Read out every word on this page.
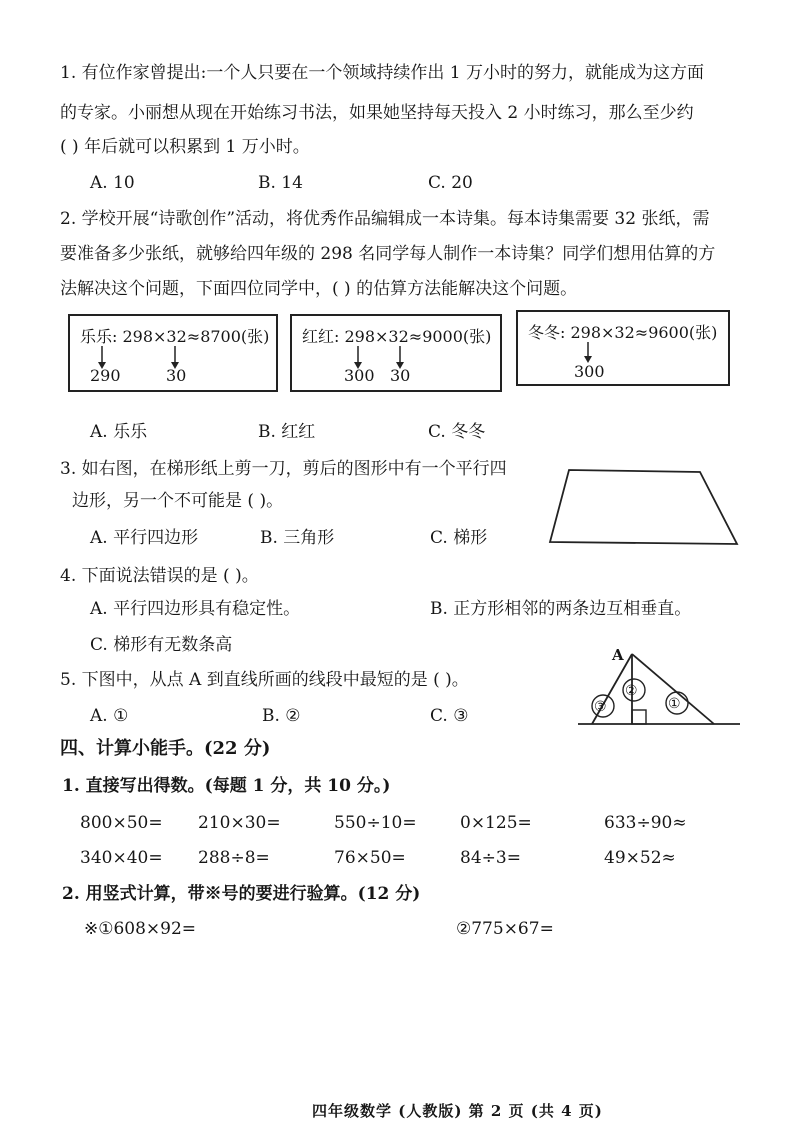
1. 有位作家曾提出:一个人只要在一个领域持续作出 1 万小时的努力，就能成为这方面
的专家。小丽想从现在开始练习书法，如果她坚持每天投入 2 小时练习，那么至少约
( ) 年后就可以积累到 1 万小时。
A. 10	B. 14	C. 20
2. 学校开展“诗歌创作”活动，将优秀作品编辑成一本诗集。每本诗集需要 32 张纸，需
要准备多少张纸，就够给四年级的 298 名同学每人制作一本诗集？同学们想用估算的方
法解决这个问题，下面四位同学中，( ) 的估算方法能解决这个问题。
乐乐: 298×32≈8700(张)
290	30
红红: 298×32≈9000(张)
300 30
冬冬: 298×32≈9600(张)
300
A. 乐乐	B. 红红	C. 冬冬
3. 如右图，在梯形纸上剪一刀，剪后的图形中有一个平行四
边形，另一个不可能是 ( )。
A. 平行四边形	B. 三角形	C. 梯形
4. 下面说法错误的是 ( )。
A. 平行四边形具有稳定性。	B. 正方形相邻的两条边互相垂直。
C. 梯形有无数条高
5. 下图中，从点 A 到直线所画的线段中最短的是 ( )。
A. ①	B. ②	C. ③
A
③
②
①
四、计算小能手。(22 分)
1. 直接写出得数。(每题 1 分，共 10 分。)
800×50= 210×30=	550÷10=	0×125=	633÷90≈
340×40= 288÷8=	76×50=	84÷3=	49×52≈
2. 用竖式计算，带※号的要进行验算。(12 分)
※①608×92=	②775×67=
四年级数学 (人教版) 第 2 页 (共 4 页)
